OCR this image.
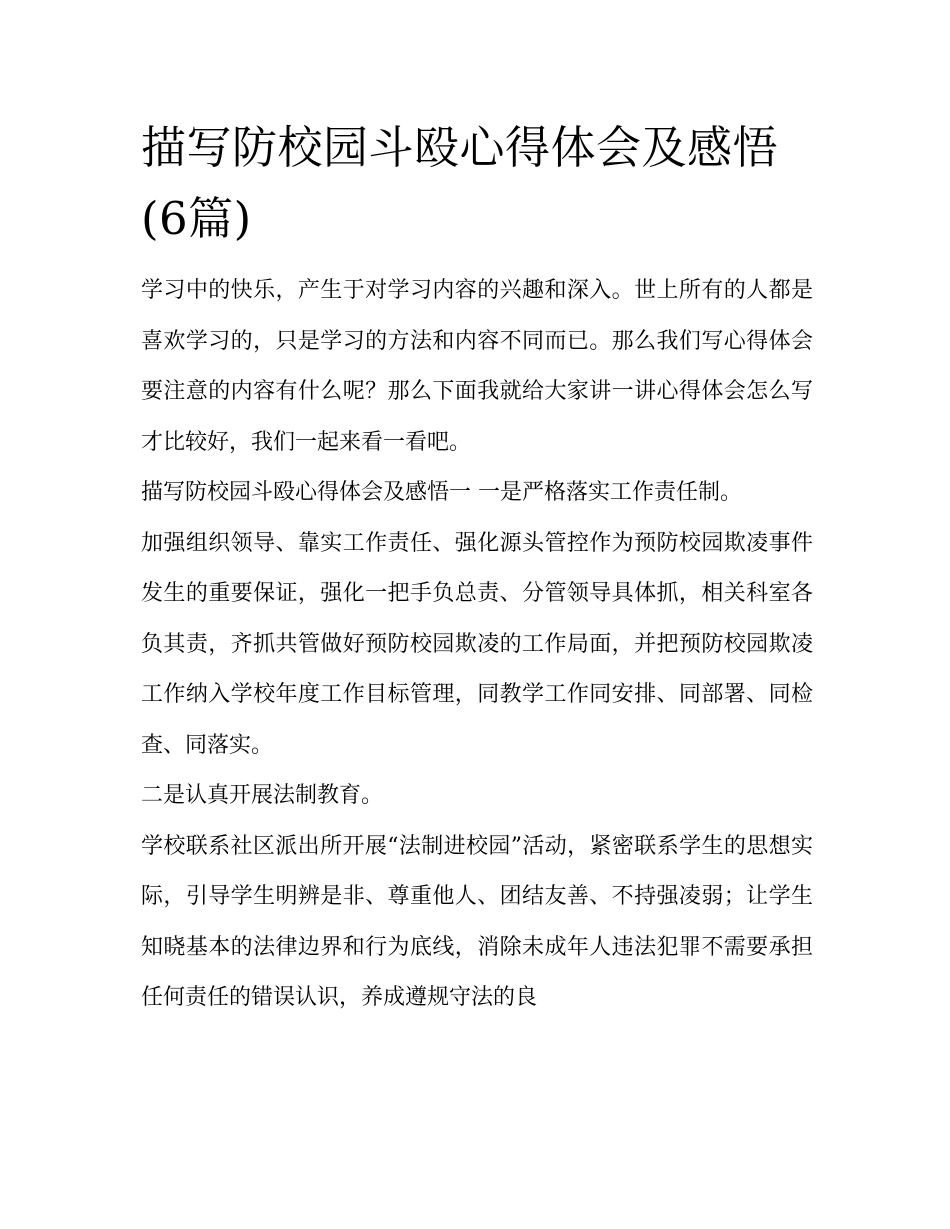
描写防校园斗殴心得体会及感悟(6篇)

学习中的快乐，产生于对学习内容的兴趣和深入。世上所有的人都是喜欢学习的，只是学习的方法和内容不同而已。那么我们写心得体会要注意的内容有什么呢？那么下面我就给大家讲一讲心得体会怎么写才比较好，我们一起来看一看吧。

描写防校园斗殴心得体会及感悟一 一是严格落实工作责任制。

加强组织领导、靠实工作责任、强化源头管控作为预防校园欺凌事件发生的重要保证，强化一把手负总责、分管领导具体抓，相关科室各负其责，齐抓共管做好预防校园欺凌的工作局面，并把预防校园欺凌工作纳入学校年度工作目标管理，同教学工作同安排、同部署、同检查、同落实。

二是认真开展法制教育。

学校联系社区派出所开展“法制进校园”活动，紧密联系学生的思想实际，引导学生明辨是非、尊重他人、团结友善、不持强凌弱；让学生知晓基本的法律边界和行为底线，消除未成年人违法犯罪不需要承担任何责任的错误认识，养成遵规守法的良
